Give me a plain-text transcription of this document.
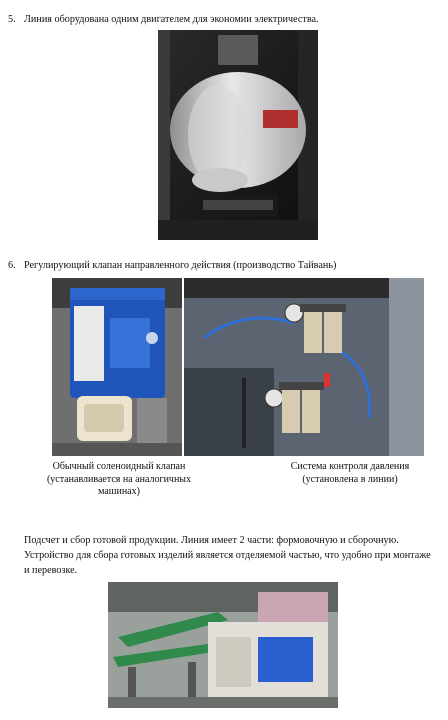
5. Линия оборудована одним двигателем для экономии электричества.

6. Регулирующий клапан направленного действия (производство Тайвань)

Обычный соленоидный клапан (устанавливается на аналогичных машинах)

Система контроля давления (установлена в линии)

Подсчет и сбор готовой продукции. Линия имеет 2 части: формовочную и сборочную. Устройство для сбора готовых изделий является отделяемой частью, что удобно при монтаже и перевозке.
